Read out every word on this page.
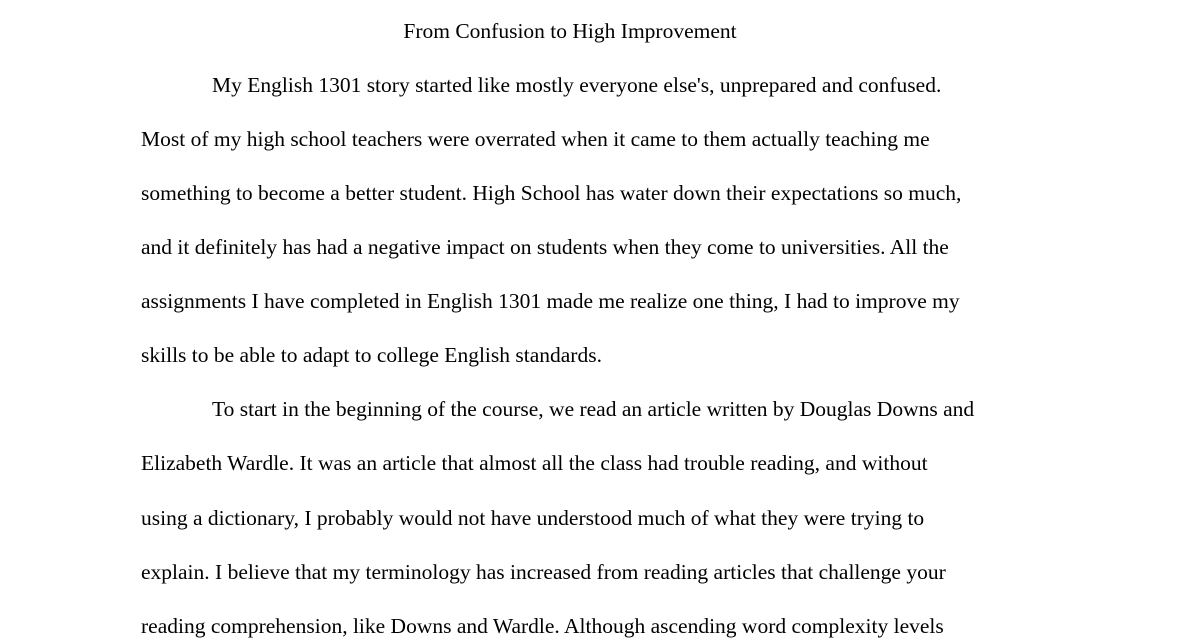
From Confusion to High Improvement
My English 1301 story started like mostly everyone else's, unprepared and confused.
Most of my high school teachers were overrated when it came to them actually teaching me
something to become a better student. High School has water down their expectations so much,
and it definitely has had a negative impact on students when they come to universities. All the
assignments I have completed in English 1301 made me realize one thing, I had to improve my
skills to be able to adapt to college English standards.
To start in the beginning of the course, we read an article written by Douglas Downs and
Elizabeth Wardle. It was an article that almost all the class had trouble reading, and without
using a dictionary, I probably would not have understood much of what they were trying to
explain. I believe that my terminology has increased from reading articles that challenge your
reading comprehension, like Downs and Wardle. Although ascending word complexity levels
